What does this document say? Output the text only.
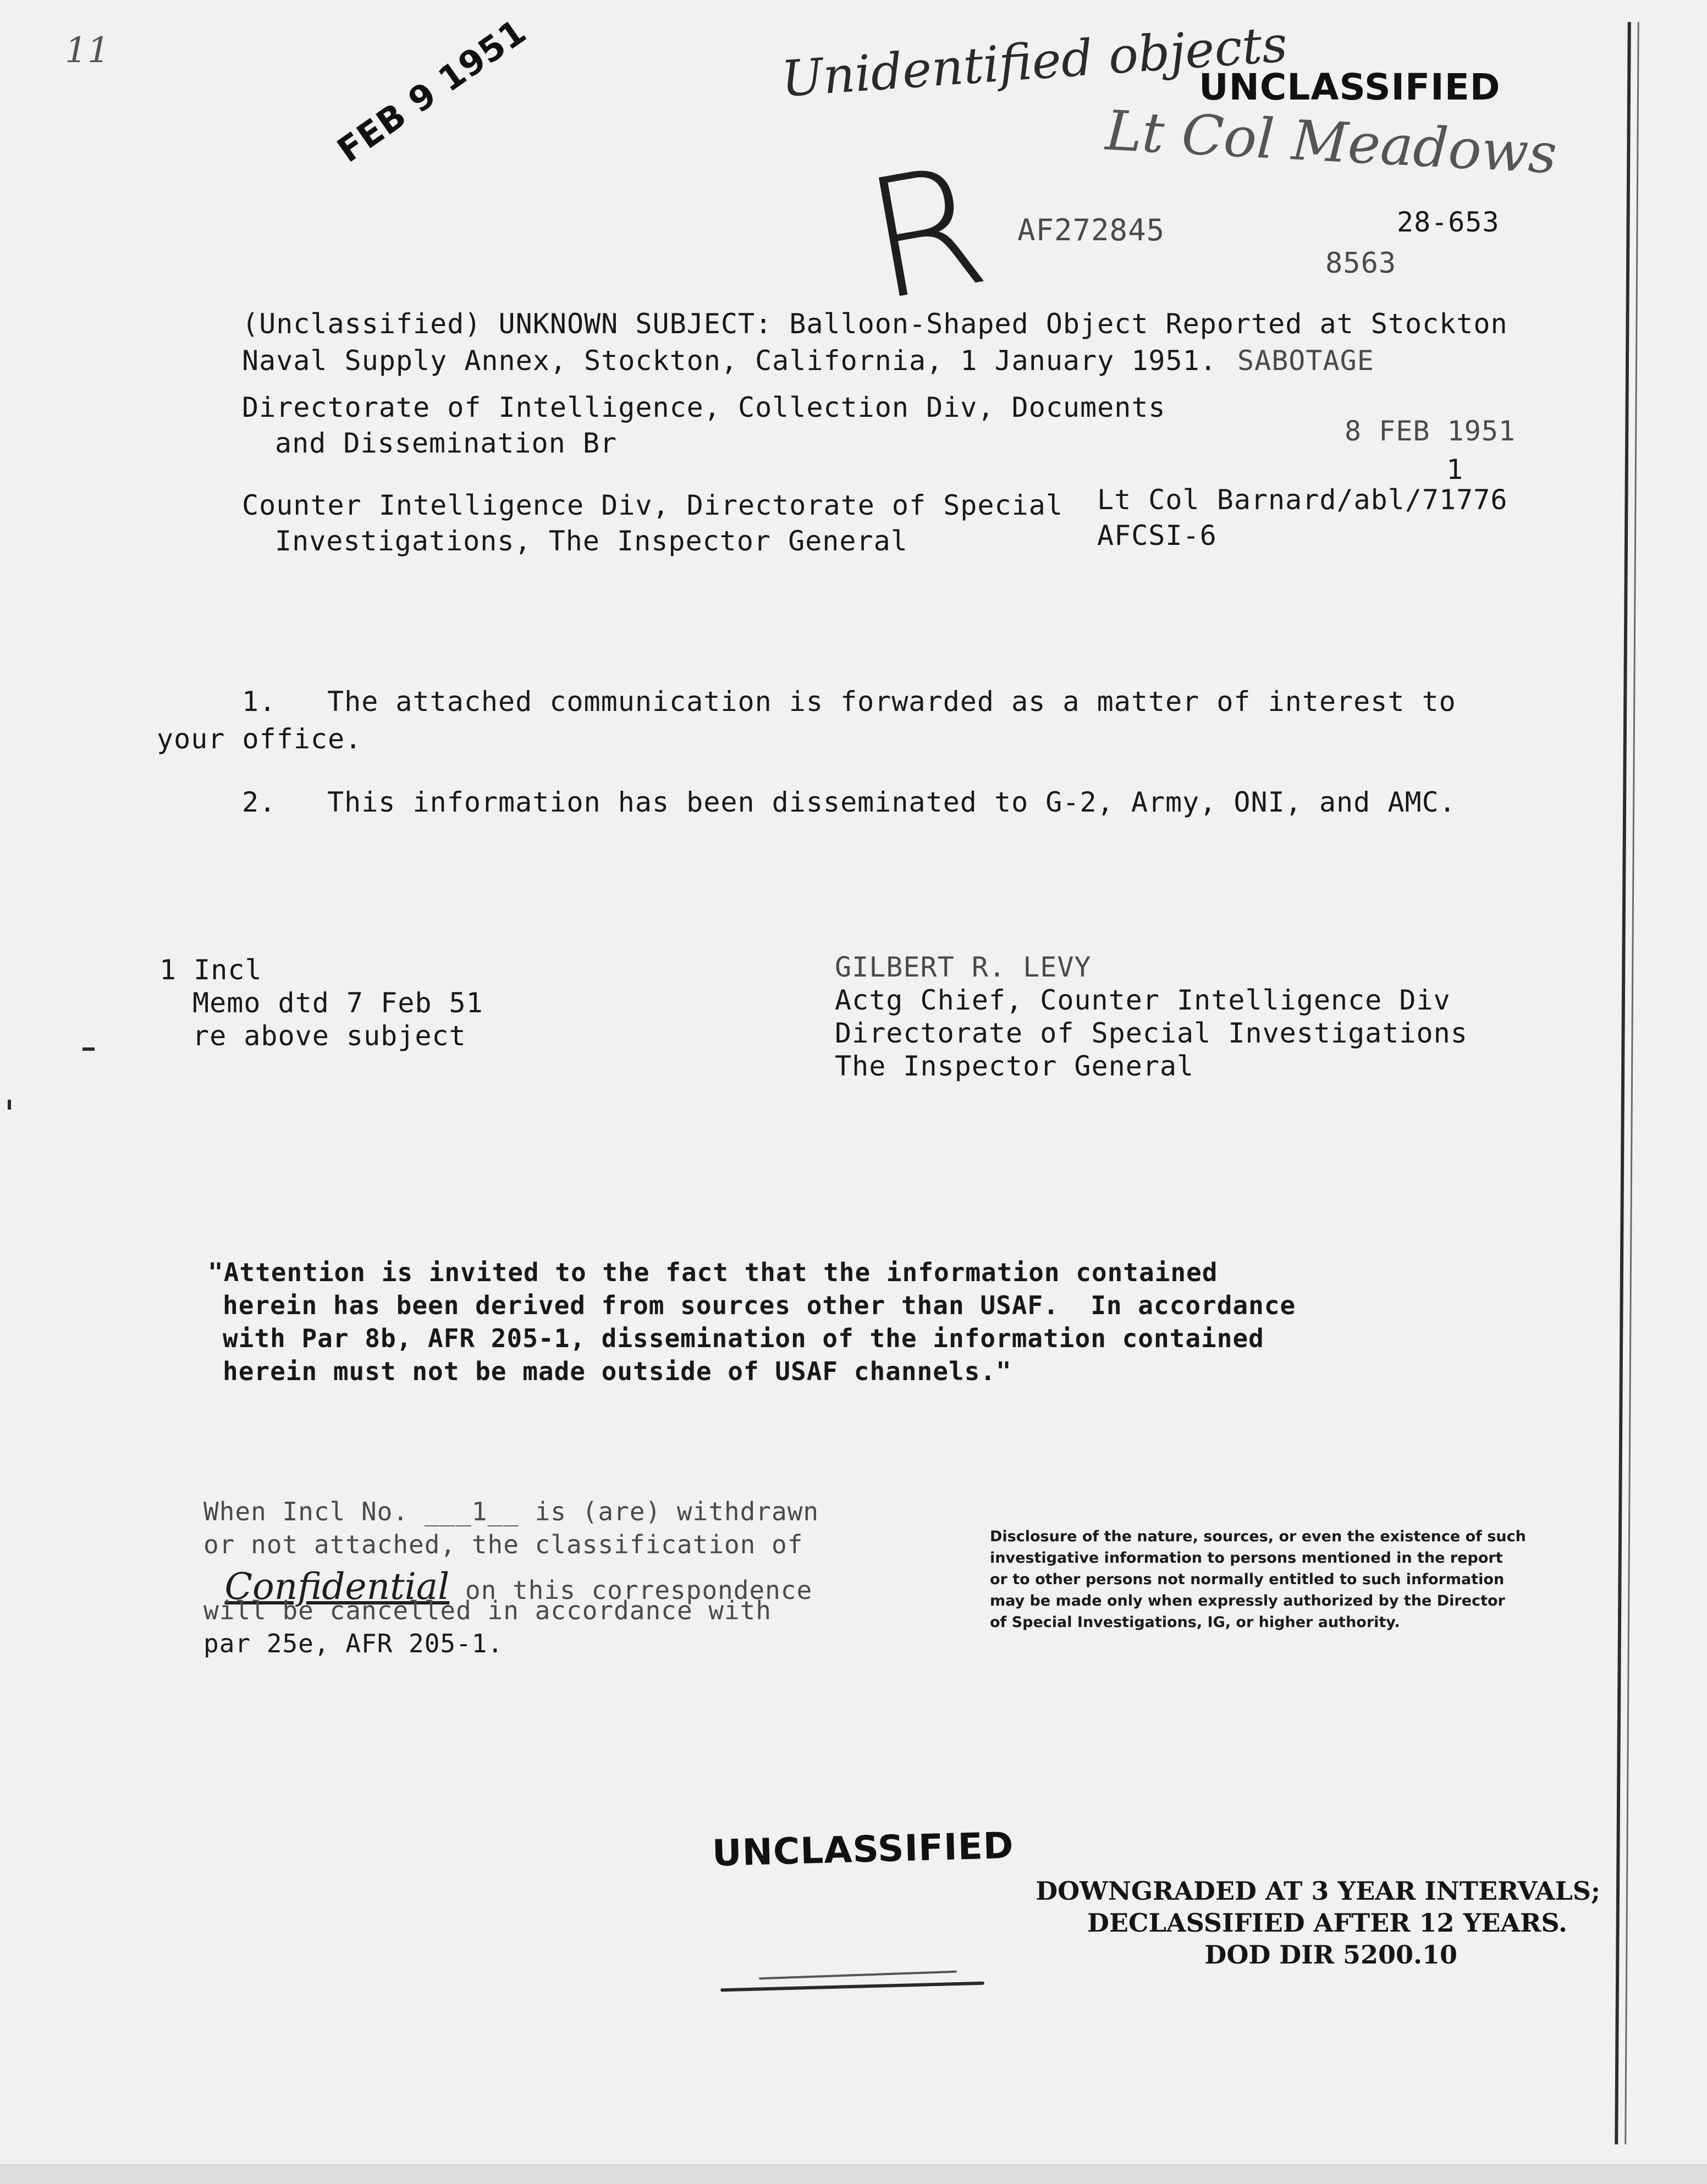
11	FEB 9 1951	Unidentified objects
Lt Col Meadows
R
UNCLASSIFIED
AF272845	28-653
8563
(Unclassified) UNKNOWN SUBJECT: Balloon-Shaped Object Reported at Stockton
Naval Supply Annex, Stockton, California, 1 January 1951. SABOTAGE
Directorate of Intelligence, Collection Div, Documents
and Dissemination Br	8 FEB 1951
1
Counter Intelligence Div, Directorate of Special
Investigations, The Inspector General
Lt Col Barnard/abl/71776
AFCSI-6
1. The attached communication is forwarded as a matter of interest to
your office.
2. This information has been disseminated to G-2, Army, ONI, and AMC.
1 Incl
Memo dtd 7 Feb 51
re above subject
GILBERT R. LEVY
Actg Chief, Counter Intelligence Div
Directorate of Special Investigations
The Inspector General
"Attention is invited to the fact that the information contained
herein has been derived from sources other than USAF.  In accordance
with Par 8b, AFR 205-1, dissemination of the information contained
herein must not be made outside of USAF channels."
When Incl No. ___1__ is (are) withdrawn
or not attached, the classification of

Confidential on this correspondence

will be cancelled in accordance with
par 25e, AFR 205-1.
Disclosure of the nature, sources, or even the existence of such
investigative information to persons mentioned in the report
or to other persons not normally entitled to such information
may be made only when expressly authorized by the Director
of Special Investigations, IG, or higher authority.
UNCLASSIFIED
DOWNGRADED AT 3 YEAR INTERVALS;
DECLASSIFIED AFTER 12 YEARS.
DOD DIR 5200.10
